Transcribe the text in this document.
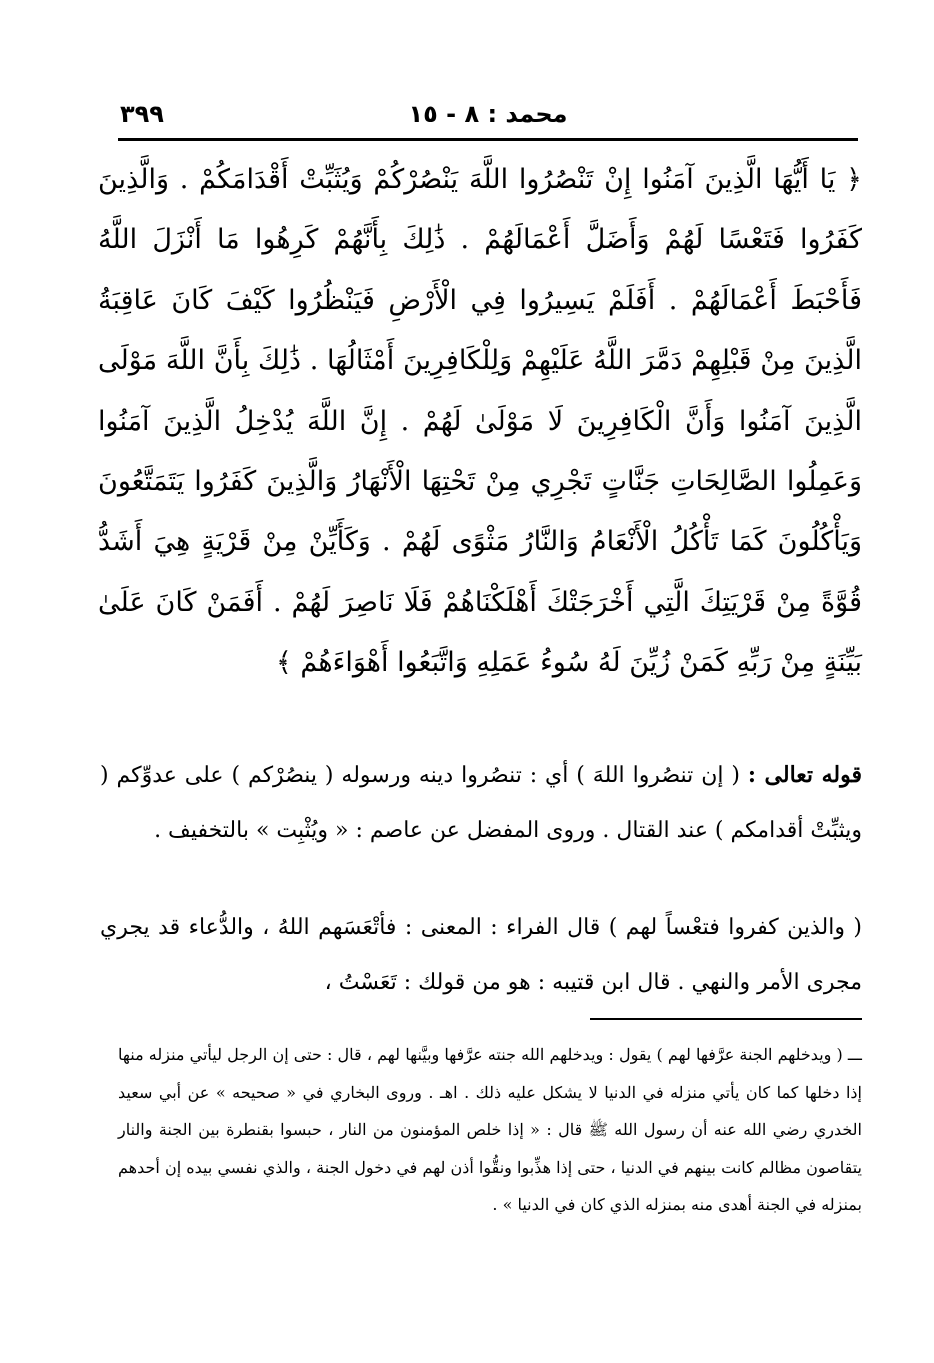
٣٩٩	محمد : ٨ - ١٥
﴿ يَا أَيُّهَا الَّذِينَ آمَنُوا إِنْ تَنْصُرُوا اللَّهَ يَنْصُرْكُمْ وَيُثَبِّتْ أَقْدَامَكُمْ . وَالَّذِينَ كَفَرُوا فَتَعْسًا لَهُمْ وَأَضَلَّ أَعْمَالَهُمْ . ذَٰلِكَ بِأَنَّهُمْ كَرِهُوا مَا أَنْزَلَ اللَّهُ فَأَحْبَطَ أَعْمَالَهُمْ . أَفَلَمْ يَسِيرُوا فِي الْأَرْضِ فَيَنْظُرُوا كَيْفَ كَانَ عَاقِبَةُ الَّذِينَ مِنْ قَبْلِهِمْ دَمَّرَ اللَّهُ عَلَيْهِمْ وَلِلْكَافِرِينَ أَمْثَالُهَا . ذَٰلِكَ بِأَنَّ اللَّهَ مَوْلَى الَّذِينَ آمَنُوا وَأَنَّ الْكَافِرِينَ لَا مَوْلَىٰ لَهُمْ . إِنَّ اللَّهَ يُدْخِلُ الَّذِينَ آمَنُوا وَعَمِلُوا الصَّالِحَاتِ جَنَّاتٍ تَجْرِي مِنْ تَحْتِهَا الْأَنْهَارُ وَالَّذِينَ كَفَرُوا يَتَمَتَّعُونَ وَيَأْكُلُونَ كَمَا تَأْكُلُ الْأَنْعَامُ وَالنَّارُ مَثْوًى لَهُمْ . وَكَأَيِّنْ مِنْ قَرْيَةٍ هِيَ أَشَدُّ قُوَّةً مِنْ قَرْيَتِكَ الَّتِي أَخْرَجَتْكَ أَهْلَكْنَاهُمْ فَلَا نَاصِرَ لَهُمْ . أَفَمَنْ كَانَ عَلَىٰ بَيِّنَةٍ مِنْ رَبِّهِ كَمَنْ زُيِّنَ لَهُ سُوءُ عَمَلِهِ وَاتَّبَعُوا أَهْوَاءَهُمْ ﴾
قوله تعالى : ( إن تنصُروا اللهَ ) أي : تنصُروا دينه ورسوله ( ينصُرْكم ) على عدوِّكم ( ويثبِّتْ أقدامكم ) عند القتال . وروى المفضل عن عاصم : « ويُثْبِت » بالتخفيف .
( والذين كفروا فتعْساً لهم ) قال الفراء : المعنى : فأتْعَسَهم اللهُ ، والدُّعاء قد يجري مجرى الأمر والنهي . قال ابن قتيبه : هو من قولك : تَعَسْتُ ،
ـــ ( ويدخلهم الجنة عرَّفها لهم ) يقول : ويدخلهم الله جنته عرَّفها وبيَّنها لهم ، قال : حتى إن الرجل ليأتي منزله منها إذا دخلها كما كان يأتي منزله في الدنيا لا يشكل عليه ذلك . اهـ . وروى البخاري في « صحيحه » عن أبي سعيد الخدري رضي الله عنه أن رسول الله ﷺ قال : « إذا خلص المؤمنون من النار ، حبسوا بقنطرة بين الجنة والنار يتقاصون مظالم كانت بينهم في الدنيا ، حتى إذا هذِّبوا ونقُّوا أذن لهم في دخول الجنة ، والذي نفسي بيده إن أحدهم بمنزله في الجنة أهدى منه بمنزله الذي كان في الدنيا » .
